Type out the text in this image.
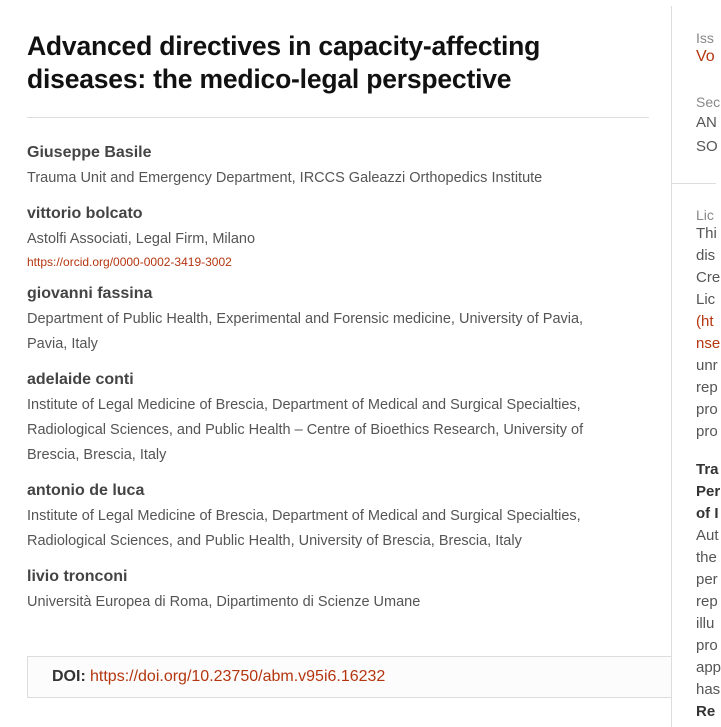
Advanced directives in capacity-affecting diseases: the medico-legal perspective
Giuseppe Basile
Trauma Unit and Emergency Department, IRCCS Galeazzi Orthopedics Institute
vittorio bolcato
Astolfi Associati, Legal Firm, Milano
https://orcid.org/0000-0002-3419-3002
giovanni fassina
Department of Public Health, Experimental and Forensic medicine, University of Pavia, Pavia, Italy
adelaide conti
Institute of Legal Medicine of Brescia, Department of Medical and Surgical Specialties, Radiological Sciences, and Public Health – Centre of Bioethics Research, University of Brescia, Brescia, Italy
antonio de luca
Institute of Legal Medicine of Brescia, Department of Medical and Surgical Specialties, Radiological Sciences, and Public Health, University of Brescia, Brescia, Italy
livio tronconi
Università Europea di Roma, Dipartimento di Scienze Umane
DOI: https://doi.org/10.23750/abm.v95i6.16232
Iss
Vo
Sec
AN
SO
Lic
Thi
dis
Cre
Lic
(ht
nse
unr
rep
pro
pro
Tra
Per
of I
Aut
the
per
rep
illu
pro
app
has
Re
